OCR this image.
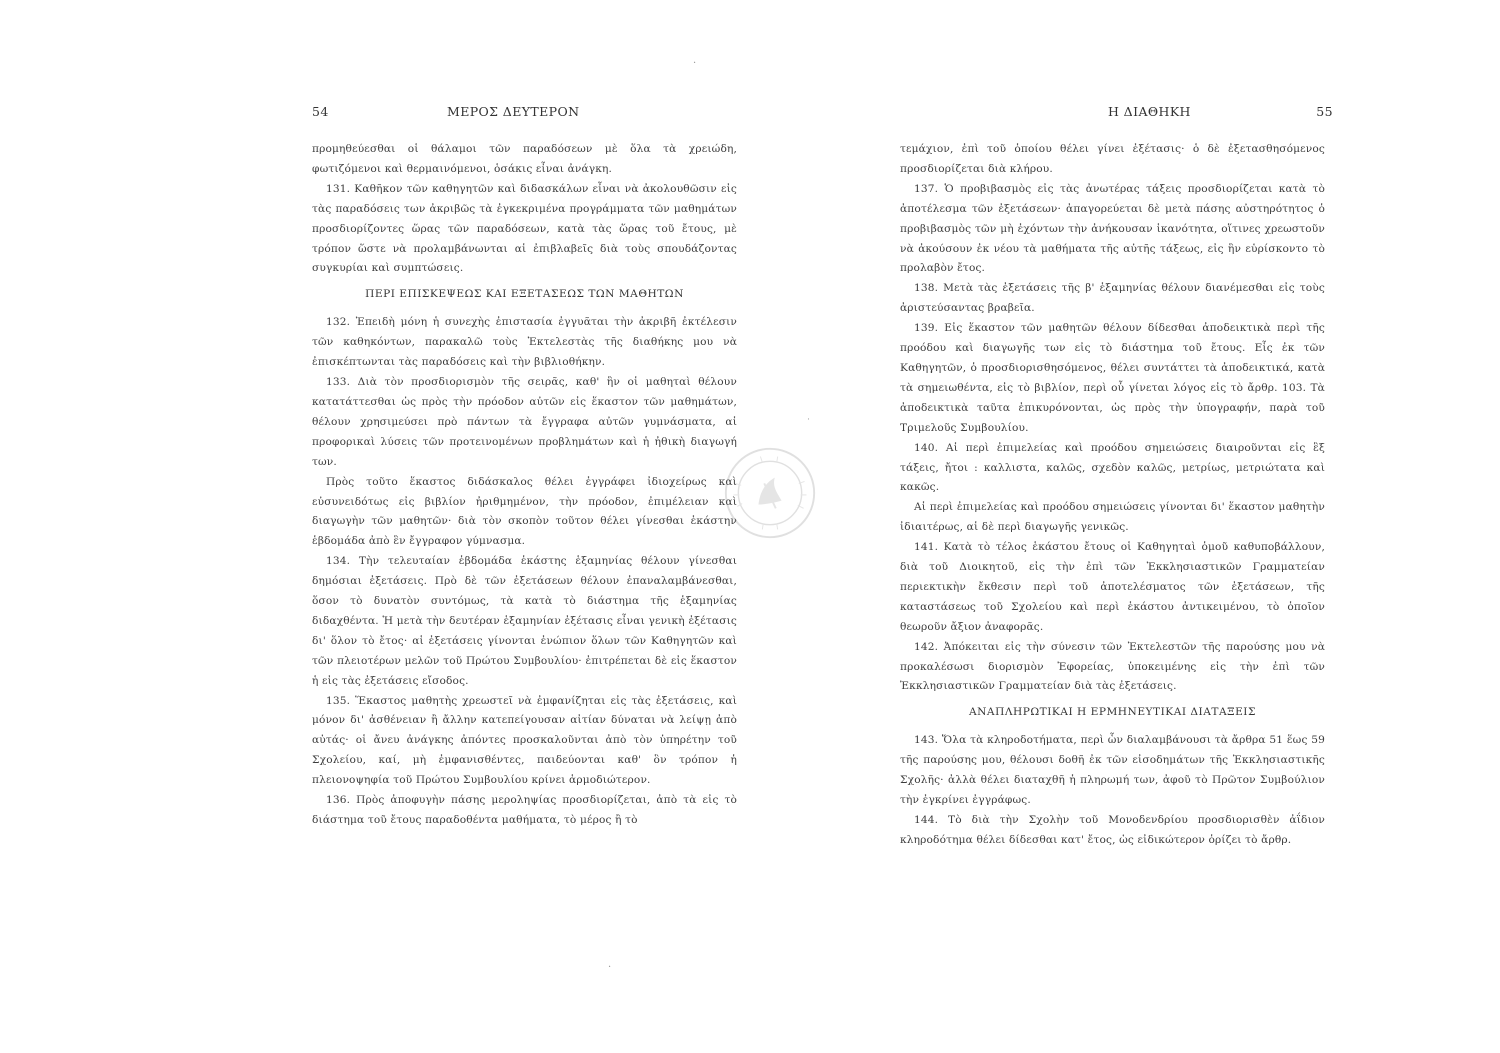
54	ΜΕΡΟΣ ΔΕΥΤΕΡΟΝ

προμηθεύεσθαι οἱ θάλαμοι τῶν παραδόσεων μὲ ὅλα τὰ χρειώδη, φωτιζόμενοι καὶ θερμαινόμενοι, ὁσάκις εἶναι ἀνάγκη.

131. Καθῆκον τῶν καθηγητῶν καὶ διδασκάλων εἶναι νὰ ἀκολουθῶσιν εἰς τὰς παραδόσεις των ἀκριβῶς τὰ ἐγκεκριμένα προγράμματα τῶν μαθημάτων προσδιορίζοντες ὥρας τῶν παραδόσεων, κατὰ τὰς ὥρας τοῦ ἔτους, μὲ τρόπον ὥστε νὰ προλαμβάνωνται αἱ ἐπιβλαβεῖς διὰ τοὺς σπουδάζοντας συγκυρίαι καὶ συμπτώσεις.

ΠΕΡΙ ΕΠΙΣΚΕΨΕΩΣ ΚΑΙ ΕΞΕΤΑΣΕΩΣ ΤΩΝ ΜΑΘΗΤΩΝ

132. Ἐπειδὴ μόνη ἡ συνεχὴς ἐπιστασία ἐγγυᾶται τὴν ἀκριβῆ ἐκτέλεσιν τῶν καθηκόντων, παρακαλῶ τοὺς Ἐκτελεστὰς τῆς διαθήκης μου νὰ ἐπισκέπτωνται τὰς παραδόσεις καὶ τὴν βιβλιοθήκην.

133. Διὰ τὸν προσδιορισμὸν τῆς σειρᾶς, καθ' ἣν οἱ μαθηταὶ θέλουν κατατάττεσθαι ὡς πρὸς τὴν πρόοδον αὐτῶν εἰς ἕκαστον τῶν μαθημάτων, θέλουν χρησιμεύσει πρὸ πάντων τὰ ἔγγραφα αὐτῶν γυμνάσματα, αἱ προφορικαὶ λύσεις τῶν προτεινομένων προβλημάτων καὶ ἡ ἠθικὴ διαγωγή των.

Πρὸς τοῦτο ἕκαστος διδάσκαλος θέλει ἐγγράφει ἰδιοχείρως καὶ εὐσυνειδότως εἰς βιβλίον ἠριθμημένον, τὴν πρόοδον, ἐπιμέλειαν καὶ διαγωγὴν τῶν μαθητῶν· διὰ τὸν σκοπὸν τοῦτον θέλει γίνεσθαι ἑκάστην ἑβδομάδα ἀπὸ ἓν ἔγγραφον γύμνασμα.

134. Τὴν τελευταίαν ἑβδομάδα ἑκάστης ἑξαμηνίας θέλουν γίνεσθαι δημόσιαι ἐξετάσεις. Πρὸ δὲ τῶν ἐξετάσεων θέλουν ἐπαναλαμβάνεσθαι, ὅσον τὸ δυνατὸν συντόμως, τὰ κατὰ τὸ διάστημα τῆς ἑξαμηνίας διδαχθέντα. Ἡ μετὰ τὴν δευτέραν ἑξαμηνίαν ἐξέτασις εἶναι γενικὴ ἐξέτασις δι' ὅλον τὸ ἔτος· αἱ ἐξετάσεις γίνονται ἐνώπιον ὅλων τῶν Καθηγητῶν καὶ τῶν πλειοτέρων μελῶν τοῦ Πρώτου Συμβουλίου· ἐπιτρέπεται δὲ εἰς ἕκαστον ἡ εἰς τὰς ἐξετάσεις εἴσοδος.

135. Ἕκαστος μαθητὴς χρεωστεῖ νὰ ἐμφανίζηται εἰς τὰς ἐξετάσεις, καὶ μόνον δι' ἀσθένειαν ἢ ἄλλην κατεπείγουσαν αἰτίαν δύναται νὰ λείψῃ ἀπὸ αὐτάς· οἱ ἄνευ ἀνάγκης ἀπόντες προσκαλοῦνται ἀπὸ τὸν ὑπηρέτην τοῦ Σχολείου, καί, μὴ ἐμφανισθέντες, παιδεύονται καθ' ὃν τρόπον ἡ πλειονοψηφία τοῦ Πρώτου Συμβουλίου κρίνει ἁρμοδιώτερον.

136. Πρὸς ἀποφυγὴν πάσης μεροληψίας προσδιορίζεται, ἀπὸ τὰ εἰς τὸ διάστημα τοῦ ἔτους παραδοθέντα μαθήματα, τὸ μέρος ἢ τὸ

Η ΔΙΑΘΗΚΗ	55

τεμάχιον, ἐπὶ τοῦ ὁποίου θέλει γίνει ἐξέτασις· ὁ δὲ ἐξετασθησόμενος προσδιορίζεται διὰ κλήρου.

137. Ὁ προβιβασμὸς εἰς τὰς ἀνωτέρας τάξεις προσδιορίζεται κατὰ τὸ ἀποτέλεσμα τῶν ἐξετάσεων· ἀπαγορεύεται δὲ μετὰ πάσης αὐστηρότητος ὁ προβιβασμὸς τῶν μὴ ἐχόντων τὴν ἀνήκουσαν ἱκανότητα, οἵτινες χρεωστοῦν νὰ ἀκούσουν ἐκ νέου τὰ μαθήματα τῆς αὐτῆς τάξεως, εἰς ἣν εὑρίσκοντο τὸ προλαβὸν ἔτος.

138. Μετὰ τὰς ἐξετάσεις τῆς β' ἑξαμηνίας θέλουν διανέμεσθαι εἰς τοὺς ἀριστεύσαντας βραβεῖα.

139. Εἰς ἕκαστον τῶν μαθητῶν θέλουν δίδεσθαι ἀποδεικτικὰ περὶ τῆς προόδου καὶ διαγωγῆς των εἰς τὸ διάστημα τοῦ ἔτους. Εἷς ἐκ τῶν Καθηγητῶν, ὁ προσδιορισθησόμενος, θέλει συντάττει τὰ ἀποδεικτικά, κατὰ τὰ σημειωθέντα, εἰς τὸ βιβλίον, περὶ οὗ γίνεται λόγος εἰς τὸ ἄρθρ. 103. Τὰ ἀποδεικτικὰ ταῦτα ἐπικυρόνονται, ὡς πρὸς τὴν ὑπογραφήν, παρὰ τοῦ Τριμελοῦς Συμβουλίου.

140. Αἱ περὶ ἐπιμελείας καὶ προόδου σημειώσεις διαιροῦνται εἰς ἓξ τάξεις, ἤτοι : καλλιστα, καλῶς, σχεδὸν καλῶς, μετρίως, μετριώτατα καὶ κακῶς.

Αἱ περὶ ἐπιμελείας καὶ προόδου σημειώσεις γίνονται δι' ἕκαστον μαθητὴν ἰδιαιτέρως, αἱ δὲ περὶ διαγωγῆς γενικῶς.

141. Κατὰ τὸ τέλος ἑκάστου ἔτους οἱ Καθηγηταὶ ὁμοῦ καθυποβάλλουν, διὰ τοῦ Διοικητοῦ, εἰς τὴν ἐπὶ τῶν Ἐκκλησιαστικῶν Γραμματείαν περιεκτικὴν ἔκθεσιν περὶ τοῦ ἀποτελέσματος τῶν ἐξετάσεων, τῆς καταστάσεως τοῦ Σχολείου καὶ περὶ ἑκάστου ἀντικειμένου, τὸ ὁποῖον θεωροῦν ἄξιον ἀναφορᾶς.

142. Ἀπόκειται εἰς τὴν σύνεσιν τῶν Ἐκτελεστῶν τῆς παρούσης μου νὰ προκαλέσωσι διορισμὸν Ἐφορείας, ὑποκειμένης εἰς τὴν ἐπὶ τῶν Ἐκκλησιαστικῶν Γραμματείαν διὰ τὰς ἐξετάσεις.

ΑΝΑΠΛΗΡΩΤΙΚΑΙ Η ΕΡΜΗΝΕΥΤΙΚΑΙ ΔΙΑΤΑΞΕΙΣ

143. Ὅλα τὰ κληροδοτήματα, περὶ ὧν διαλαμβάνουσι τὰ ἄρθρα 51 ἕως 59 τῆς παρούσης μου, θέλουσι δοθῆ ἐκ τῶν εἰσοδημάτων τῆς Ἐκκλησιαστικῆς Σχολῆς· ἀλλὰ θέλει διαταχθῆ ἡ πληρωμή των, ἀφοῦ τὸ Πρῶτον Συμβούλιον τὴν ἐγκρίνει ἐγγράφως.

144. Τὸ διὰ τὴν Σχολὴν τοῦ Μονοδενδρίου προσδιορισθὲν ἀΐδιον κληροδότημα θέλει δίδεσθαι κατ' ἔτος, ὡς εἰδικώτερον ὁρίζει τὸ ἄρθρ.

·
˙
·
